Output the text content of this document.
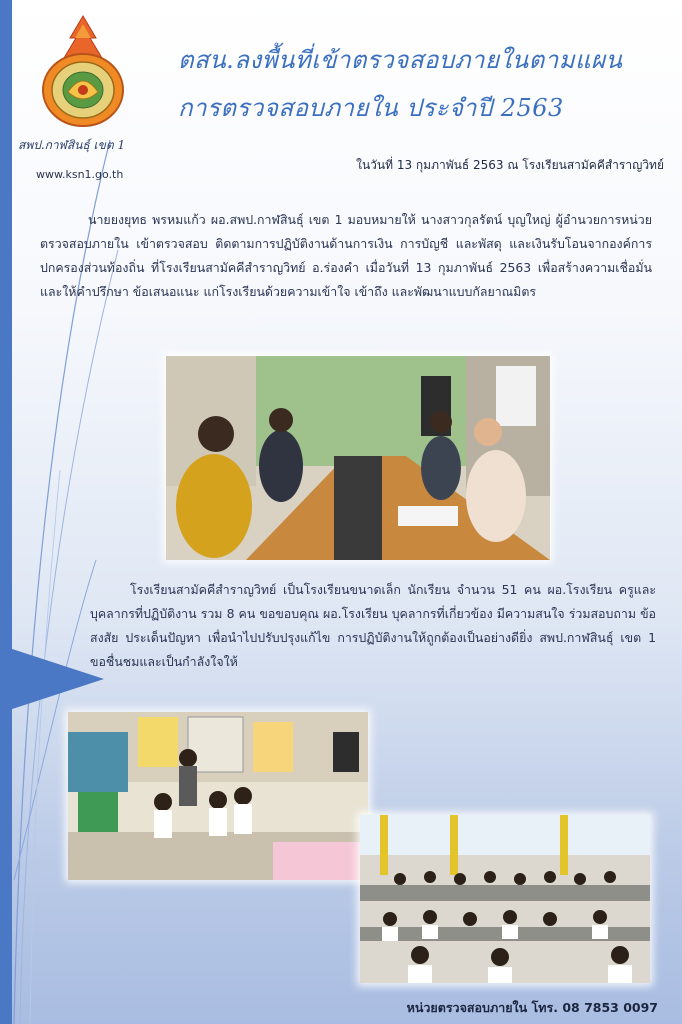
สพป.กาฬสินธุ์ เขต 1
www.ksn1.go.th
ตสน.ลงพื้นที่เข้าตรวจสอบภายในตามแผน
การตรวจสอบภายใน ประจำปี 2563
ในวันที่ 13 กุมภาพันธ์ 2563 ณ โรงเรียนสามัคคีสำราญวิทย์
นายยงยุทธ พรหมแก้ว ผอ.สพป.กาฬสินธุ์ เขต 1 มอบหมายให้ นางสาวกุลรัตน์ บุญใหญ่ ผู้อำนวยการหน่วยตรวจสอบภายใน เข้าตรวจสอบ ติดตามการปฏิบัติงานด้านการเงิน การบัญชี และพัสดุ และเงินรับโอนจากองค์การปกครองส่วนท้องถิ่น ที่โรงเรียนสามัคคีสำราญวิทย์ อ.ร่องคำ เมื่อวันที่ 13 กุมภาพันธ์ 2563 เพื่อสร้างความเชื่อมั่น และให้คำปรึกษา ข้อเสนอแนะ แก่โรงเรียนด้วยความเข้าใจ เข้าถึง และพัฒนาแบบกัลยาณมิตร
โรงเรียนสามัคคีสำราญวิทย์ เป็นโรงเรียนขนาดเล็ก นักเรียน จำนวน 51 คน ผอ.โรงเรียน ครูและบุคลากรที่ปฏิบัติงาน รวม 8 คน ขอขอบคุณ ผอ.โรงเรียน บุคลากรที่เกี่ยวข้อง มีความสนใจ ร่วมสอบถาม ข้อสงสัย ประเด็นปัญหา เพื่อนำไปปรับปรุงแก้ไข การปฏิบัติงานให้ถูกต้องเป็นอย่างดียิ่ง สพป.กาฬสินธุ์ เขต 1 ขอชื่นชมและเป็นกำลังใจให้
หน่วยตรวจสอบภายใน โทร. 08 7853 0097
